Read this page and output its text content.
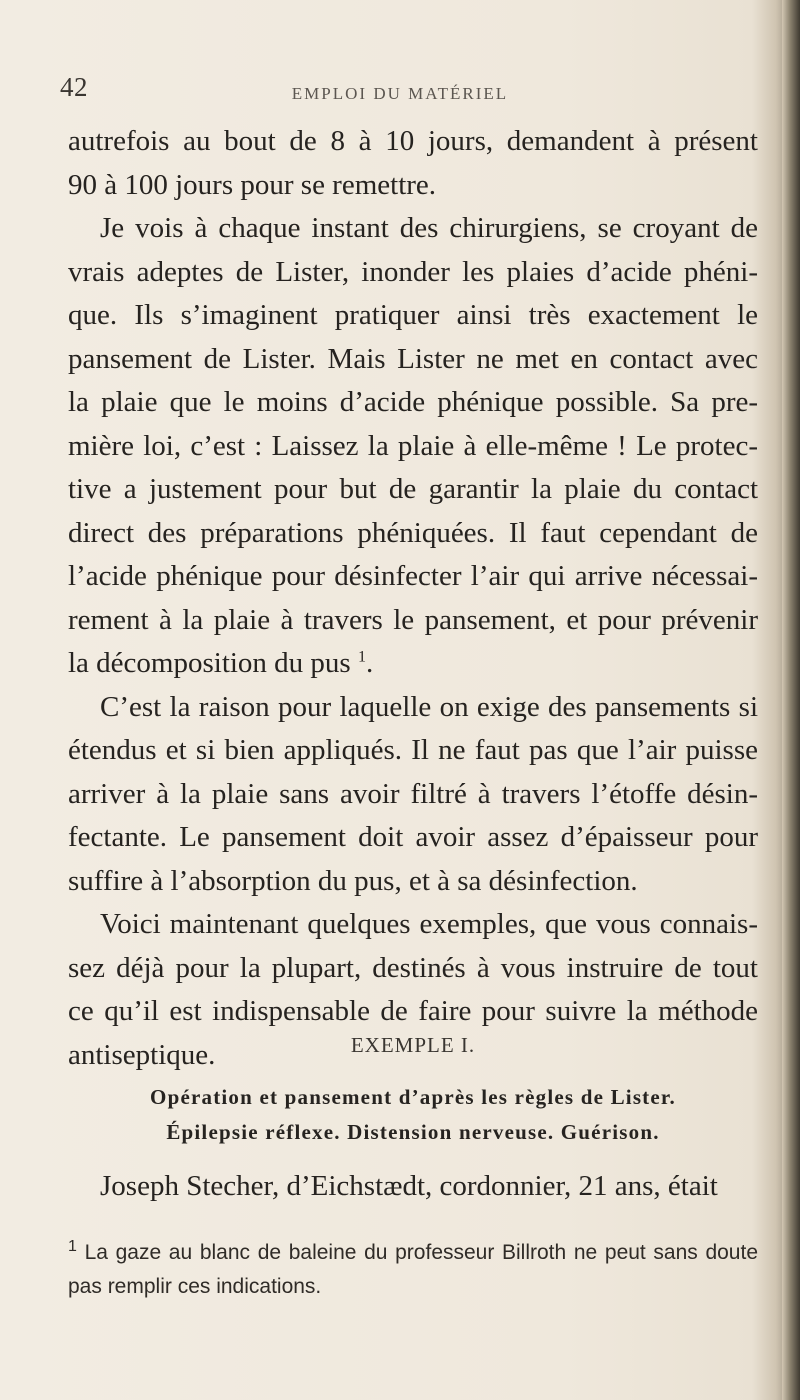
42	EMPLOI DU MATÉRIEL
autrefois au bout de 8 à 10 jours, demandent à présent
90 à 100 jours pour se remettre.
Je vois à chaque instant des chirurgiens, se croyant de
vrais adeptes de Lister, inonder les plaies d’acide phéni-
que. Ils s’imaginent pratiquer ainsi très exactement le
pansement de Lister. Mais Lister ne met en contact avec
la plaie que le moins d’acide phénique possible. Sa pre-
mière loi, c’est : Laissez la plaie à elle-même ! Le protec-
tive a justement pour but de garantir la plaie du contact
direct des préparations phéniquées. Il faut cependant de
l’acide phénique pour désinfecter l’air qui arrive nécessai-
rement à la plaie à travers le pansement, et pour prévenir
la décomposition du pus $^1$.
C’est la raison pour laquelle on exige des pansements si
étendus et si bien appliqués. Il ne faut pas que l’air puisse
arriver à la plaie sans avoir filtré à travers l’étoffe désin-
fectante. Le pansement doit avoir assez d’épaisseur pour
suffire à l’absorption du pus, et à sa désinfection.
Voici maintenant quelques exemples, que vous connais-
sez déjà pour la plupart, destinés à vous instruire de tout
ce qu’il est indispensable de faire pour suivre la méthode
antiseptique.	EXEMPLE I.
Opération et pansement d’après les règles de Lister.
Épilepsie réflexe. Distension nerveuse. Guérison.
Joseph Stecher, d’Eichstædt, cordonnier, 21 ans, était
$^1$ La gaze au blanc de baleine du professeur Billroth ne peut sans doute
pas remplir ces indications.
